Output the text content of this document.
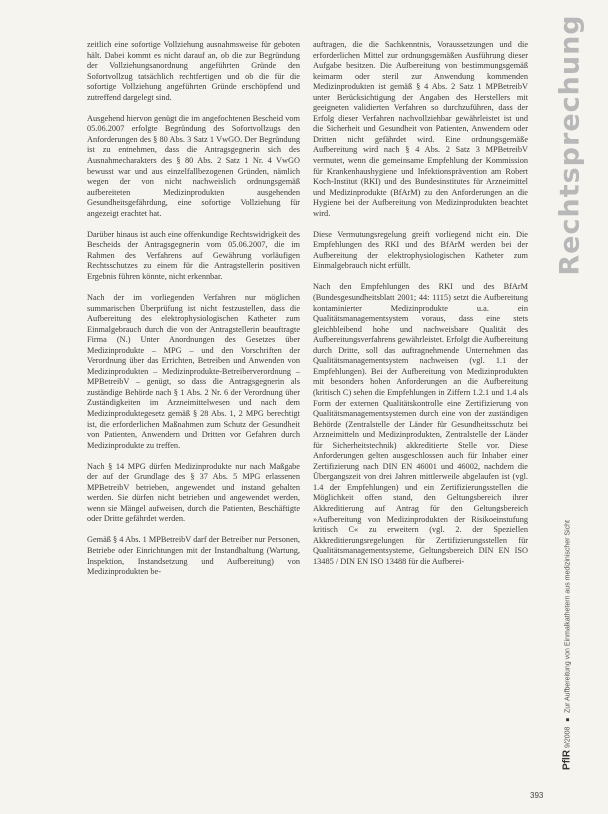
zeitlich eine sofortige Vollziehung ausnahmsweise für geboten hält. Dabei kommt es nicht darauf an, ob die zur Begründung der Vollziehungsanordnung angeführten Gründe den Sofortvollzug tatsächlich rechtfertigen und ob die für die sofortige Vollziehung angeführten Gründe erschöpfend und zutreffend dargelegt sind.

Ausgehend hiervon genügt die im angefochtenen Bescheid vom 05.06.2007 erfolgte Begründung des Sofortvollzugs den Anforderungen des § 80 Abs. 3 Satz 1 VwGO. Der Begründung ist zu entnehmen, dass die Antragsgegnerin sich des Ausnahmecharakters des § 80 Abs. 2 Satz 1 Nr. 4 VwGO bewusst war und aus einzelfallbezogenen Gründen, nämlich wegen der von nicht nachweislich ordnungsgemäß aufbereiteten Medizinprodukten ausgehenden Gesundheitsgefährdung, eine sofortige Vollziehung für angezeigt erachtet hat.

Darüber hinaus ist auch eine offenkundige Rechtswidrigkeit des Bescheids der Antragsgegnerin vom 05.06.2007, die im Rahmen des Verfahrens auf Gewährung vorläufigen Rechtsschutzes zu einem für die Antragstellerin positiven Ergebnis führen könnte, nicht erkennbar.

Nach der im vorliegenden Verfahren nur möglichen summarischen Überprüfung ist nicht festzustellen, dass die Aufbereitung des elektrophysiologischen Katheter zum Einmalgebrauch durch die von der Antragstellerin beauftragte Firma (N.) Unter Anordnungen des Gesetzes über Medizinprodukte – MPG – und den Vorschriften der Verordnung über das Errichten, Betreiben und Anwenden von Medizinprodukten – Medizinprodukte-Betreiberverordnung – MPBetreibV – genügt, so dass die Antragsgegnerin als zuständige Behörde nach § 1 Abs. 2 Nr. 6 der Verordnung über Zuständigkeiten im Arzneimittelwesen und nach dem Medizinproduktegesetz gemäß § 28 Abs. 1, 2 MPG berechtigt ist, die erforderlichen Maßnahmen zum Schutz der Gesundheit von Patienten, Anwendern und Dritten vor Gefahren durch Medizinprodukte zu treffen.

Nach § 14 MPG dürfen Medizinprodukte nur nach Maßgabe der auf der Grundlage des § 37 Abs. 5 MPG erlassenen MPBetreibV betrieben, angewendet und instand gehalten werden. Sie dürfen nicht betrieben und angewendet werden, wenn sie Mängel aufweisen, durch die Patienten, Beschäftigte oder Dritte gefährdet werden.

Gemäß § 4 Abs. 1 MPBetreibV darf der Betreiber nur Personen, Betriebe oder Einrichtungen mit der Instandhaltung (Wartung, Inspektion, Instandsetzung und Aufbereitung) von Medizinprodukten be-

auftragen, die die Sachkenntnis, Voraussetzungen und die erforderlichen Mittel zur ordnungsgemäßen Ausführung dieser Aufgabe besitzen. Die Aufbereitung von bestimmungsgemäß keimarm oder steril zur Anwendung kommenden Medizinprodukten ist gemäß § 4 Abs. 2 Satz 1 MPBetreibV unter Berücksichtigung der Angaben des Herstellers mit geeigneten validierten Verfahren so durchzuführen, dass der Erfolg dieser Verfahren nachvollziehbar gewährleistet ist und die Sicherheit und Gesundheit von Patienten, Anwendern oder Dritten nicht gefährdet wird. Eine ordnungsgemäße Aufbereitung wird nach § 4 Abs. 2 Satz 3 MPBetreibV vermutet, wenn die gemeinsame Empfehlung der Kommission für Krankenhaushygiene und Infektionsprävention am Robert Koch-Institut (RKI) und des Bundesinstitutes für Arzneimittel und Medizinprodukte (BfArM) zu den Anforderungen an die Hygiene bei der Aufbereitung von Medizinprodukten beachtet wird.

Diese Vermutungsregelung greift vorliegend nicht ein. Die Empfehlungen des RKI und des BfArM werden bei der Aufbereitung der elektrophysiologischen Katheter zum Einmalgebrauch nicht erfüllt.

Nach den Empfehlungen des RKI und des BfArM (Bundesgesundheitsblatt 2001; 44: 1115) setzt die Aufbereitung kontaminierter Medizinprodukte u.a. ein Qualitätsmanagementsystem voraus, dass eine stets gleichbleibend hohe und nachweisbare Qualität des Aufbereitungsverfahrens gewährleistet. Erfolgt die Aufbereitung durch Dritte, soll das auftragnehmende Unternehmen das Qualitätsmanagementsystem nachweisen (vgl. 1.1 der Empfehlungen). Bei der Aufbereitung von Medizinprodukten mit besonders hohen Anforderungen an die Aufbereitung (kritisch C) sehen die Empfehlungen in Ziffern 1.2.1 und 1.4 als Form der externen Qualitätskontrolle eine Zertifizierung von Qualitätsmanagementsystemen durch eine von der zuständigen Behörde (Zentralstelle der Länder für Gesundheitsschutz bei Arzneimitteln und Medizinprodukten, Zentralstelle der Länder für Sicherheitstechnik) akkreditierte Stelle vor. Diese Anforderungen gelten ausgeschlossen auch für Inhaber einer Zertifizierung nach DIN EN 46001 und 46002, nachdem die Übergangszeit von drei Jahren mittlerweile abgelaufen ist (vgl. 1.4 der Empfehlungen) und ein Zertifizierungsstellen die Möglichkeit offen stand, den Geltungsbereich ihrer Akkreditierung auf Antrag für den Geltungsbereich »Aufbereitung von Medizinprodukten der Risikoeinstufung kritisch C« zu erweitern (vgl. 2. der Speziellen Akkreditierungsregelungen für Zertifizierungsstellen für Qualitätsmanagementsysteme, Geltungsbereich DIN EN ISO 13485 / DIN EN ISO 13488 für die Aufberei-

Rechtsprechung
PflR 9/2008 ■ Zur Aufbereitung von Einmalkathetern aus medizinischer Sicht
393
